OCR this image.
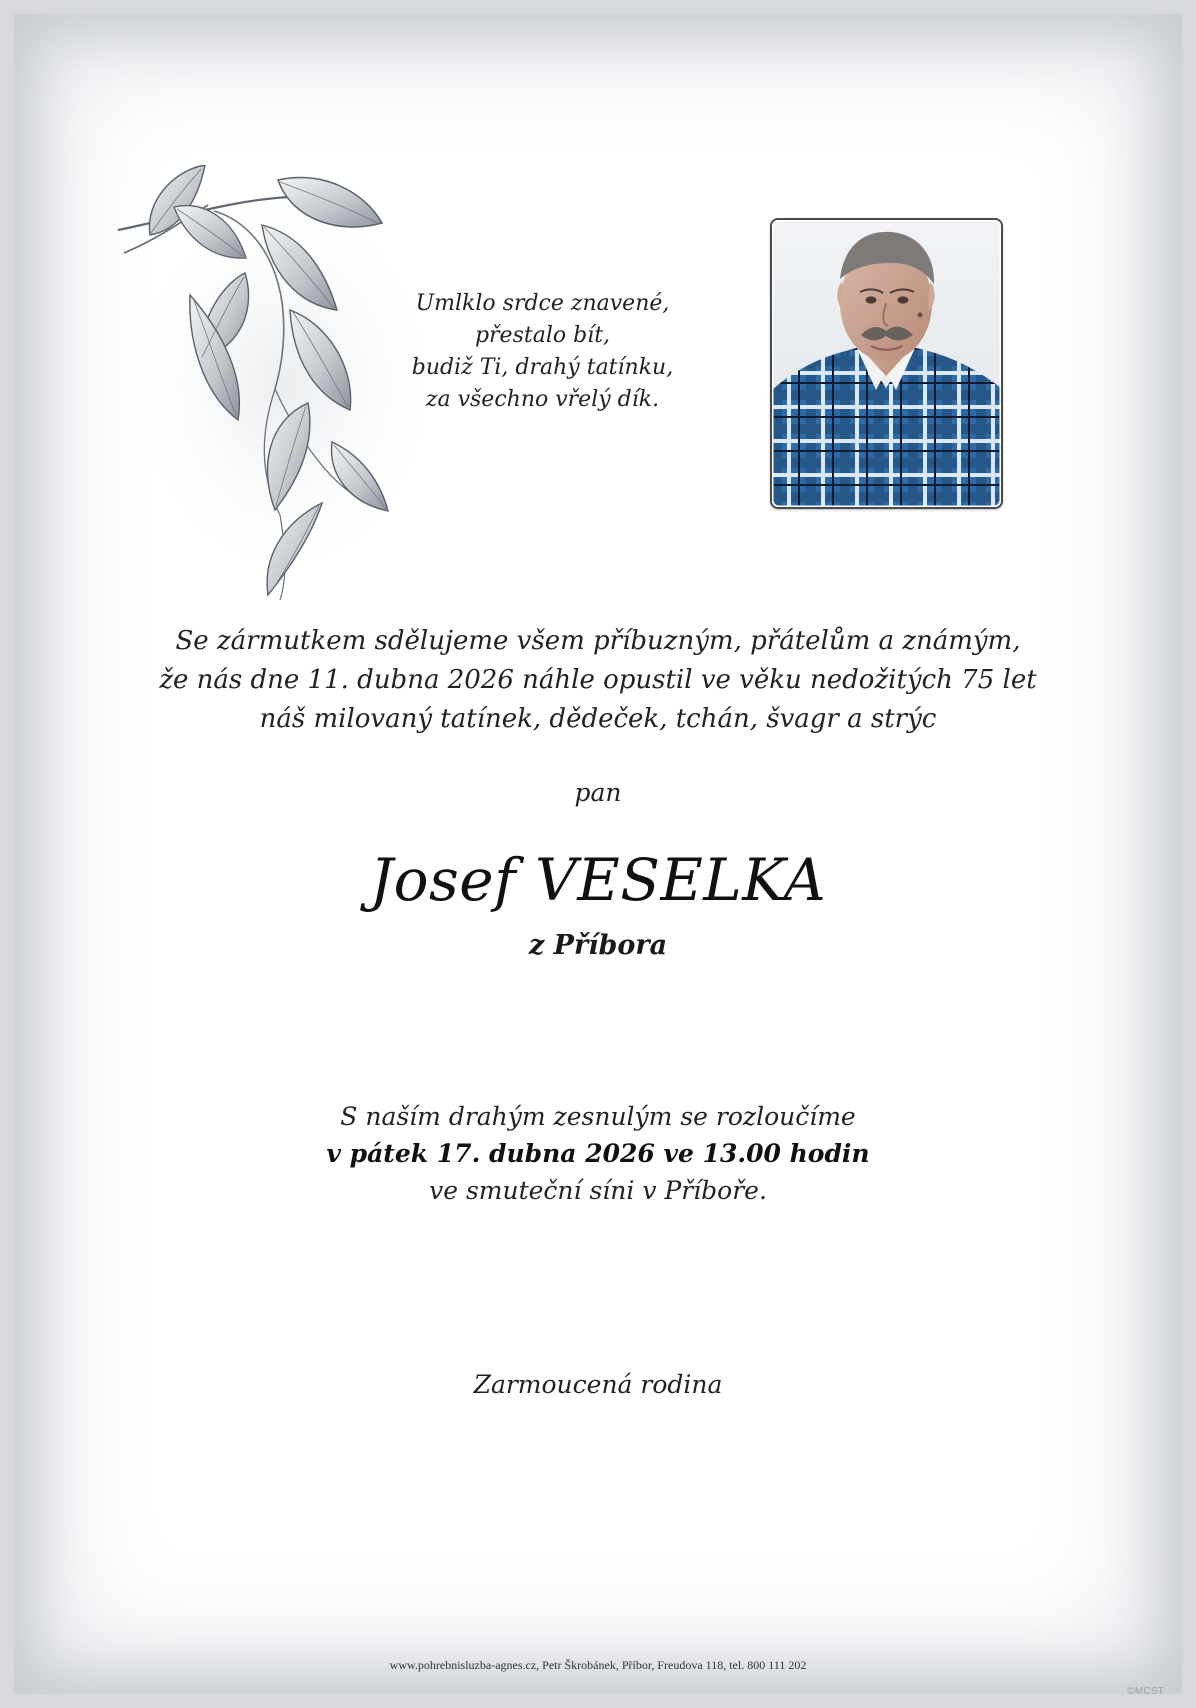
Umlklo srdce znavené,
přestalo bít,
budiž Ti, drahý tatínku,
za všechno vřelý dík.
Se zármutkem sdělujeme všem příbuzným, přátelům a známým,
že nás dne 11. dubna 2026 náhle opustil ve věku nedožitých 75 let
náš milovaný tatínek, dědeček, tchán, švagr a strýc
pan
Josef VESELKA
z Příbora
S naším drahým zesnulým se rozloučíme
v pátek 17. dubna 2026 ve 13.00 hodin
ve smuteční síni v Příboře.
Zarmoucená rodina
www.pohrebnisluzba-agnes.cz, Petr Škrobánek, Příbor, Freudova 118, tel. 800 111 202
©MCST
